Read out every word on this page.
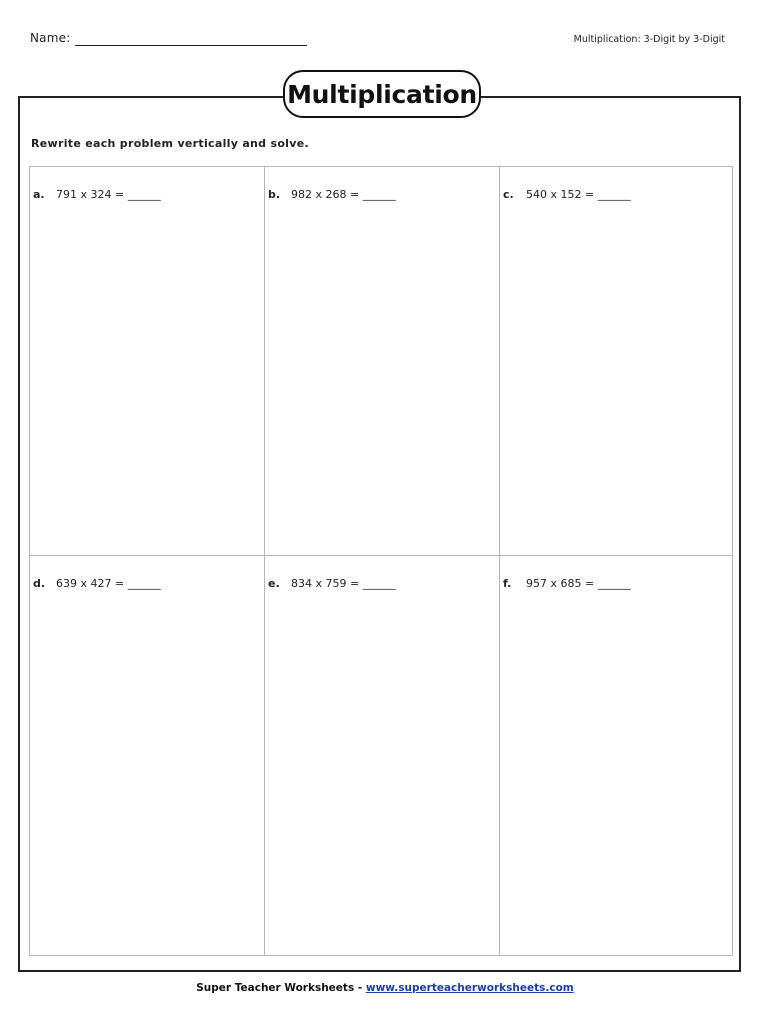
Name:	Multiplication: 3-Digit by 3-Digit
Multiplication
Rewrite each problem vertically and solve.
a. 791 x 324 = ______	b. 982 x 268 = ______	c. 540 x 152 = ______
d. 639 x 427 = ______	e. 834 x 759 = ______	f. 957 x 685 = ______
Super Teacher Worksheets - www.superteacherworksheets.com
